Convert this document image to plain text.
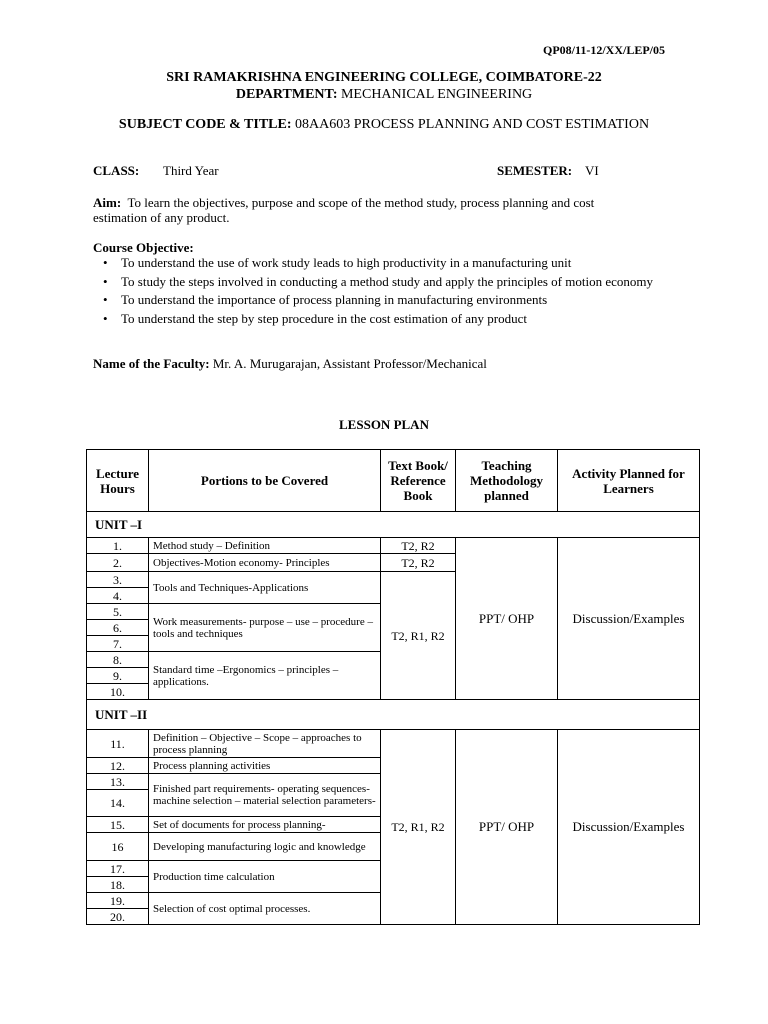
QP08/11-12/XX/LEP/05
SRI RAMAKRISHNA ENGINEERING COLLEGE, COIMBATORE-22
DEPARTMENT: MECHANICAL ENGINEERING
SUBJECT CODE & TITLE: 08AA603 PROCESS PLANNING AND COST ESTIMATION
CLASS: Third Year	SEMESTER: VI
Aim: To learn the objectives, purpose and scope of the method study, process planning and cost
estimation of any product.
Course Objective:
• To understand the use of work study leads to high productivity in a manufacturing unit
• To study the steps involved in conducting a method study and apply the principles of motion economy
• To understand the importance of process planning in manufacturing environments
• To understand the step by step procedure in the cost estimation of any product
Name of the Faculty: Mr. A. Murugarajan, Assistant Professor/Mechanical
LESSON PLAN
Lecture Hours	Portions to be Covered	Text Book/ Reference Book	Teaching Methodology planned	Activity Planned for Learners
UNIT –I				
1.	Method study – Definition	T2, R2	PPT/ OHP	Discussion/Examples
2.	Objectives-Motion economy- Principles	T2, R2		
3.	Tools and Techniques-Applications	T2, R1, R2		
4.				
5.	Work measurements- purpose – use – procedure – tools and techniques			
6.				
7.				
8.	Standard time –Ergonomics – principles – applications.			
9.				
10.				
UNIT –II				
11.	Definition – Objective – Scope – approaches to process planning	T2, R1, R2	PPT/ OHP	Discussion/Examples
12.	Process planning activities			
13.	Finished part requirements- operating sequences- machine selection – material selection parameters-			
14.				
15.	Set of documents for process planning-			
16	Developing manufacturing logic and knowledge			
17.	Production time calculation			
18.				
19.	Selection of cost optimal processes.			
20.				
